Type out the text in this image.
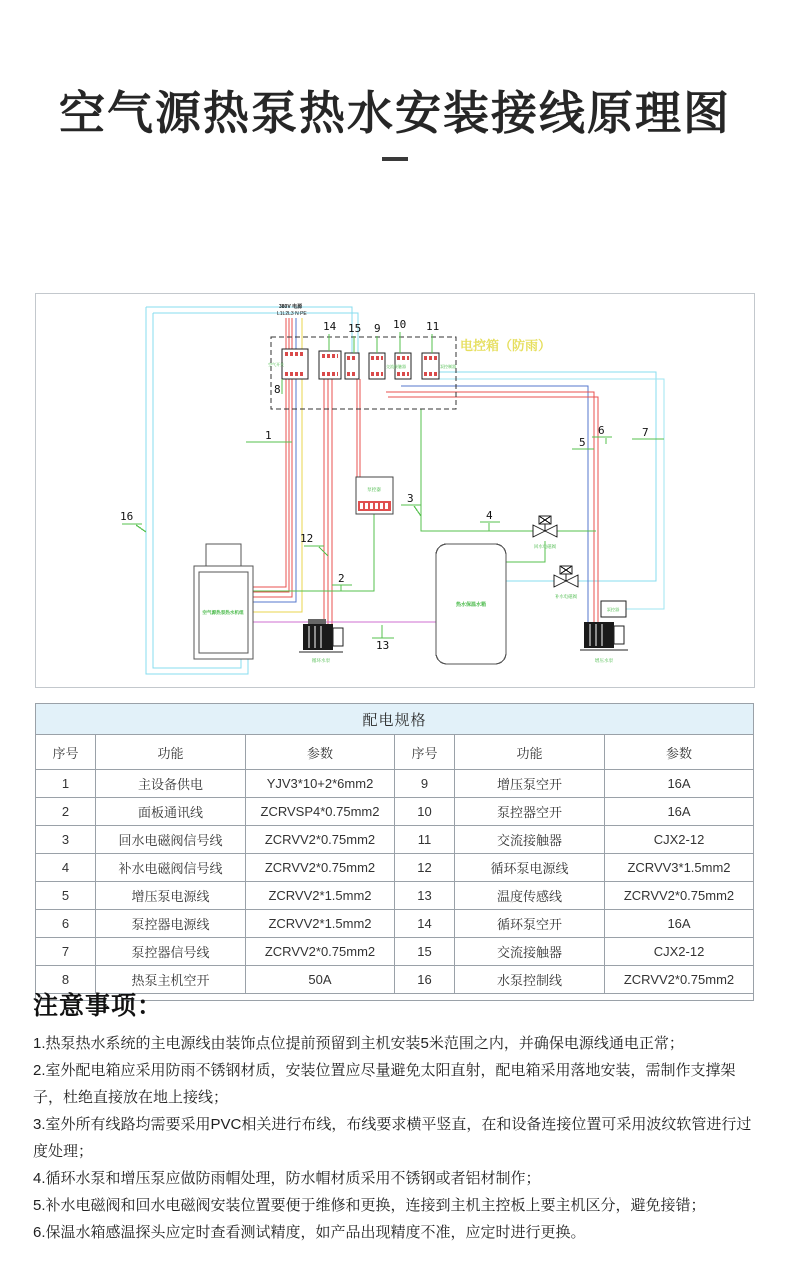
空气源热泵热水安装接线原理图
电控箱（防雨）
380V 电源
L1L2L3 N PE
空气开关	交流接触器	泵控制器
空气源热泵热水机组
热水保温水箱
泵控器
循环水泵
泵控器
增压水泵
回水电磁阀
补水电磁阀
1
2
3
4
5
6	7
8
9 10 11
12
13
14 15
16
配电规格					
序号	功能	参数	序号	功能	参数
1	主设备供电	YJV3*10+2*6mm2	9	增压泵空开	16A
2	面板通讯线	ZCRVSP4*0.75mm2	10	泵控器空开	16A
3	回水电磁阀信号线	ZCRVV2*0.75mm2	11	交流接触器	CJX2-12
4	补水电磁阀信号线	ZCRVV2*0.75mm2	12	循环泵电源线	ZCRVV3*1.5mm2
5	增压泵电源线	ZCRVV2*1.5mm2	13	温度传感线	ZCRVV2*0.75mm2
6	泵控器电源线	ZCRVV2*1.5mm2	14	循环泵空开	16A
7	泵控器信号线	ZCRVV2*0.75mm2	15	交流接触器	CJX2-12
8	热泵主机空开	50A	16	水泵控制线	ZCRVV2*0.75mm2

注意事项：

1.热泵热水系统的主电源线由装饰点位提前预留到主机安装5米范围之内，并确保电源线通电正常；

2.室外配电箱应采用防雨不锈钢材质，安装位置应尽量避免太阳直射，配电箱采用落地安装，需制作支撑架子，杜绝直接放在地上接线；

3.室外所有线路均需要采用PVC相关进行布线，布线要求横平竖直，在和设备连接位置可采用波纹软管进行过度处理；

4.循环水泵和增压泵应做防雨帽处理，防水帽材质采用不锈钢或者铝材制作；

5.补水电磁阀和回水电磁阀安装位置要便于维修和更换，连接到主机主控板上要主机区分，避免接错；

6.保温水箱感温探头应定时查看测试精度，如产品出现精度不准，应定时进行更换。
